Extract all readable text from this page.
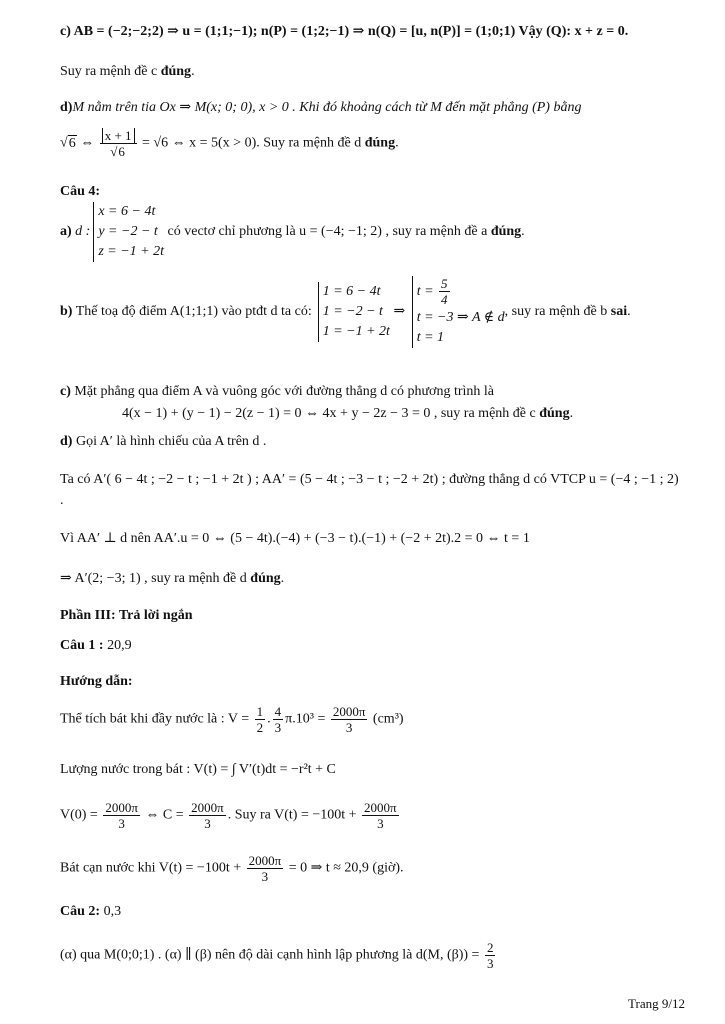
c) AB = (−2;−2;2) ⇒ u = (1;1;−1); n(P) = (1;2;−1) ⇒ n(Q) = [u, n(P)] = (1;0;1) Vậy (Q): x + z = 0.
Suy ra mệnh đề c đúng.
d)M nằm trên tia Ox ⇒ M(x; 0; 0), x > 0 . Khi đó khoảng cách từ M đến mặt phẳng (P) bằng
√6 ⇔ $\frac{x + 1}{√6} = √6$ ⇔ x = 5(x > 0). Suy ra mệnh đề d đúng.
Câu 4:
a) d :
x = 6 − 4t
y = −2 − t
z = −1 + 2t
có vectơ chỉ phương là u = (−4; −1; 2) , suy ra mệnh đề a đúng.
b) Thế toạ độ điểm A(1;1;1) vào ptđt d ta có:
1 = 6 − 4t
1 = −2 − t
1 = −1 + 2t
⇒
$t = \frac{5}{4}$
t = −3 ⇒ A ∉ d
t = 1
, suy ra mệnh đề b sai.
c) Mặt phẳng qua điểm A và vuông góc với đường thẳng d có phương trình là
4(x − 1) + (y − 1) − 2(z − 1) = 0 ⇔ 4x + y − 2z − 3 = 0 , suy ra mệnh đề c đúng.
d) Gọi A′ là hình chiếu của A trên d .
Ta có A′( 6 − 4t ; −2 − t ; −1 + 2t ) ; AA′ = (5 − 4t ; −3 − t ; −2 + 2t) ; đường thẳng d có VTCP u = (−4 ; −1 ; 2)
.
Vì AA′ ⊥ d nên AA′.u = 0 ⇔ (5 − 4t).(−4) + (−3 − t).(−1) + (−2 + 2t).2 = 0 ⇔ t = 1
⇒ A′(2; −3; 1) , suy ra mệnh đề d đúng.
Phần III: Trả lời ngắn
Câu 1 : 20,9
Hướng dẫn:
Thể tích bát khi đầy nước là : $V = \frac{1}{2}$ . $\frac{4}{3} \pi.10^3 = \frac{2000\pi}{3} (cm^3)$
Lượng nước trong bát : V(t) = ∫ V′(t)dt = −r²t + C
$V(0) = \frac{2000\pi}{3}$ ⇔ $C = \frac{2000\pi}{3}$ . Suy ra $V(t) = -100t + \frac{2000\pi}{3}$
Bát cạn nước khi $V(t) = -100t + \frac{2000\pi}{3} = 0$ ⇒ t ≈ 20,9 (giờ).
Câu 2: 0,3
(α) qua M(0;0;1) . (α) ∥ (β) nên độ dài cạnh hình lập phương là d(M, $(\beta)) = \frac{2}{3}$
Trang 9/12
